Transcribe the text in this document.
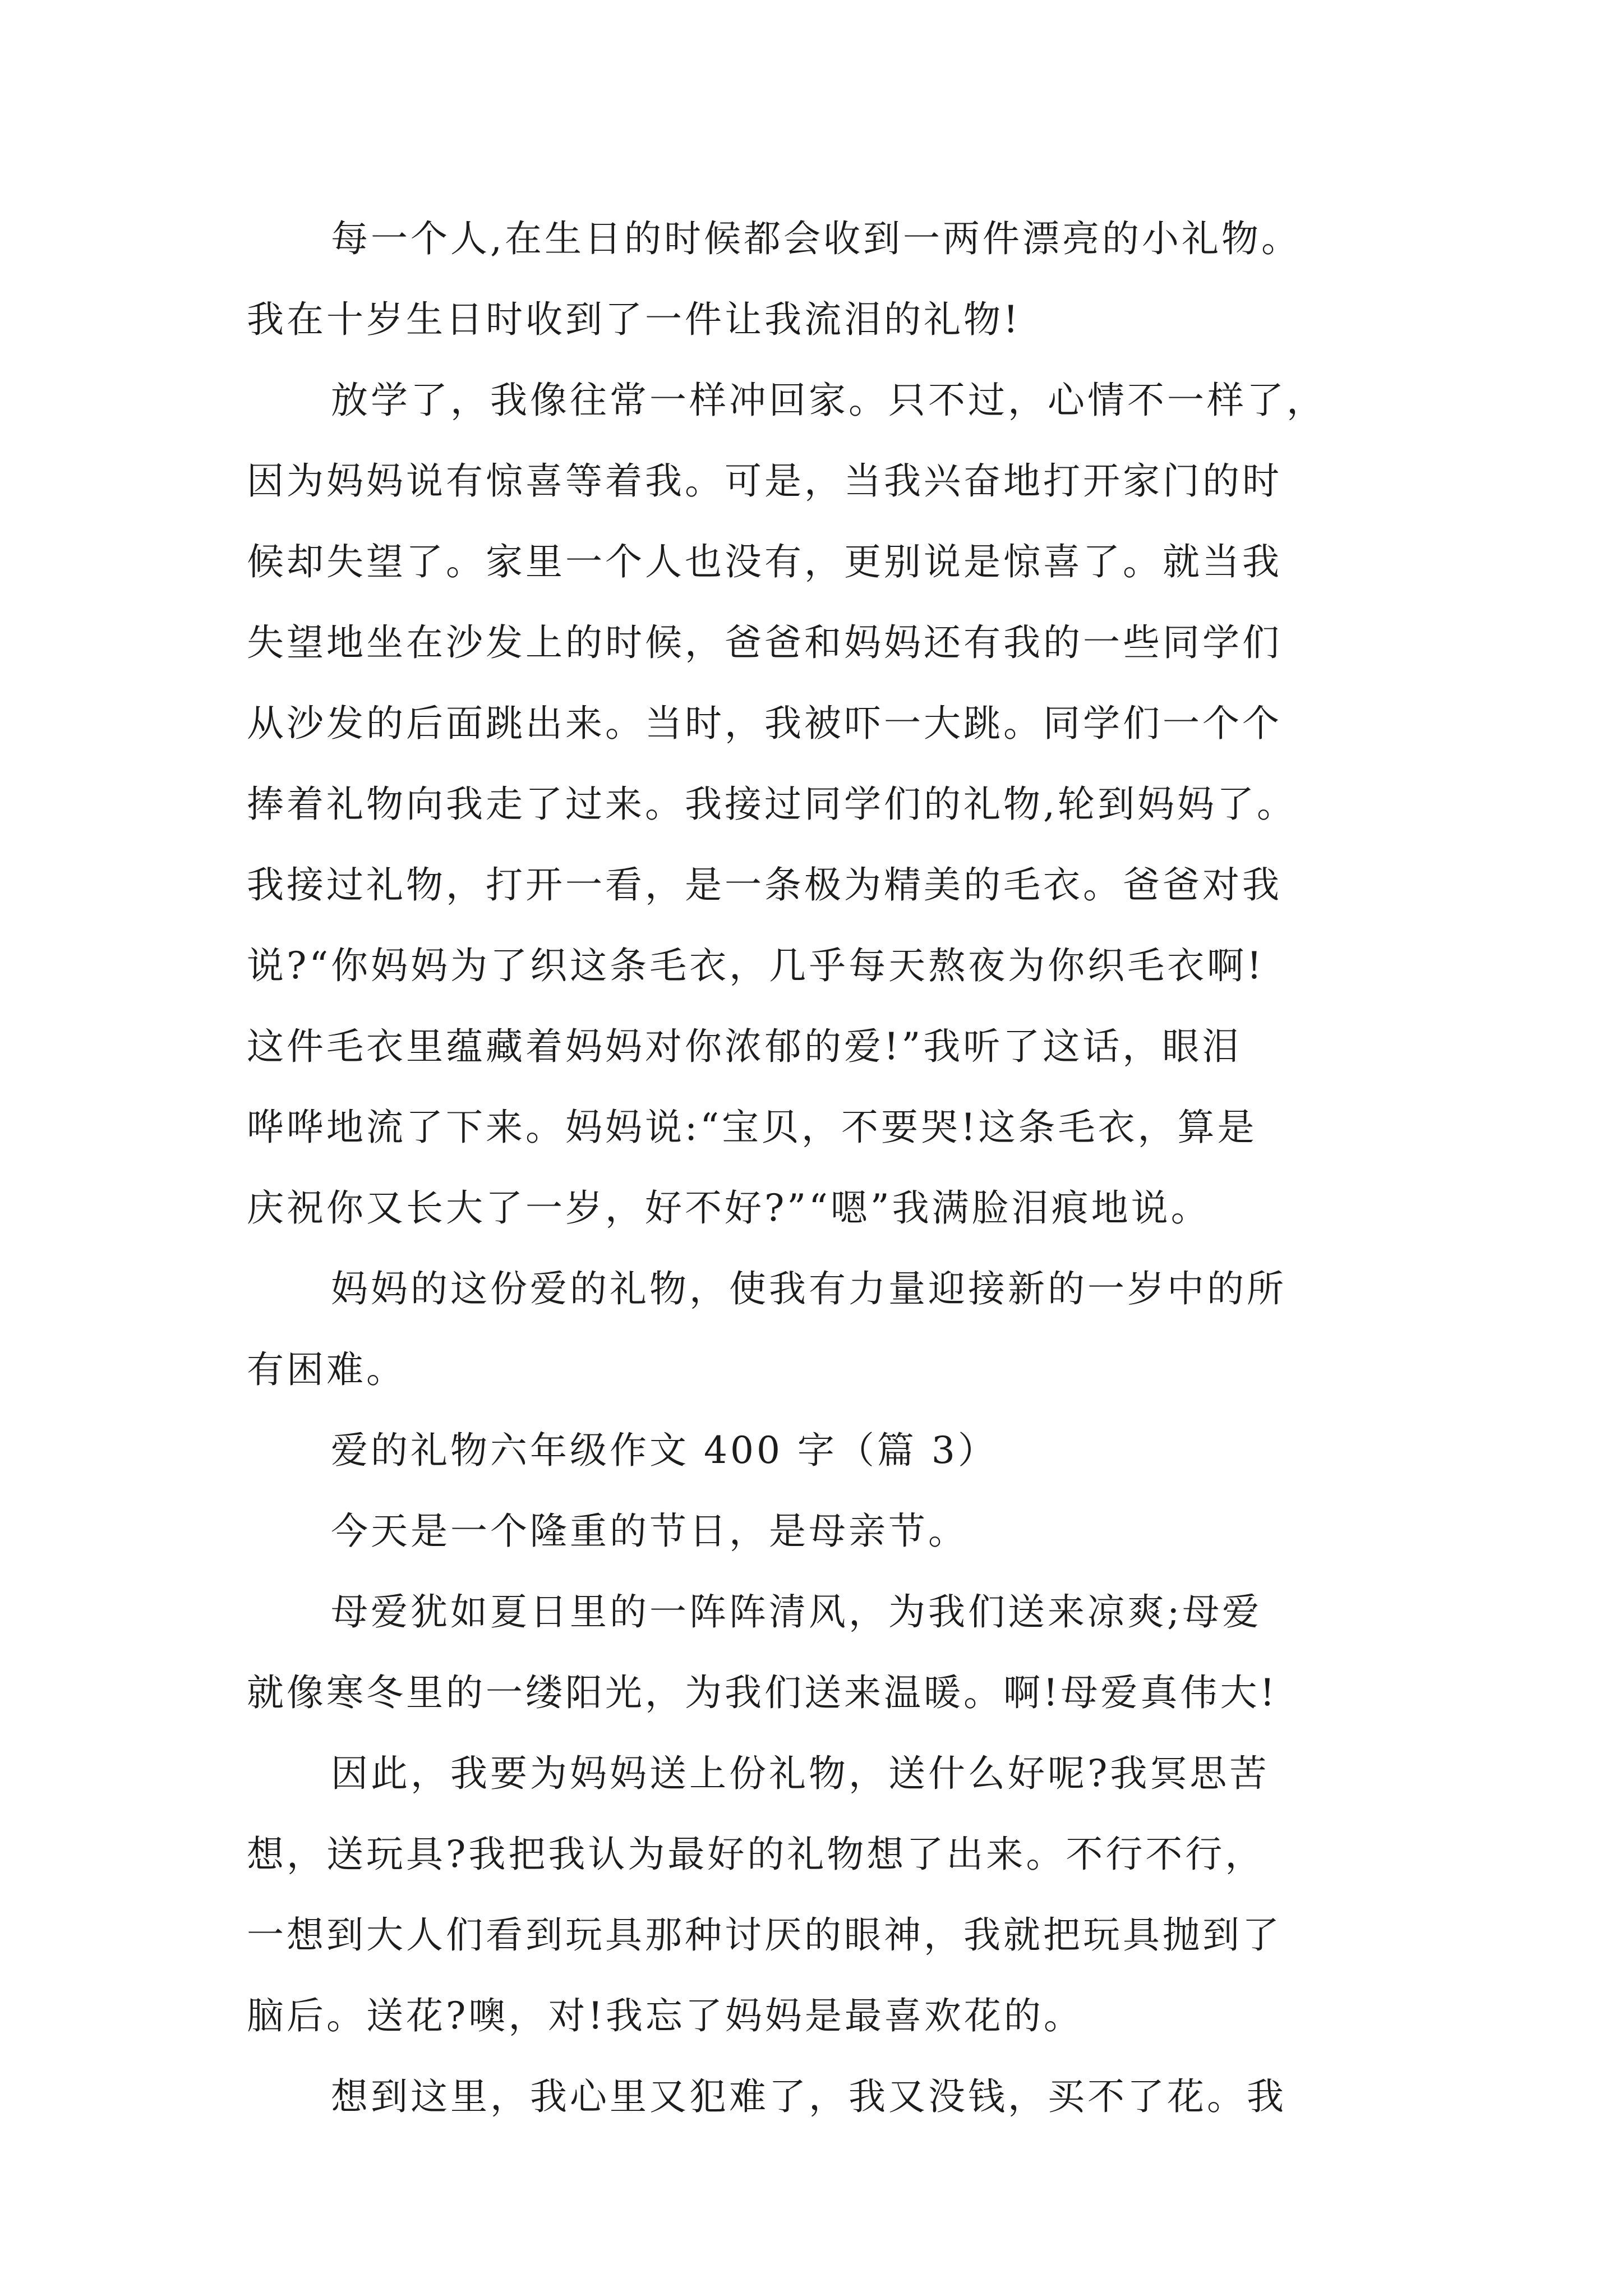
每一个人,在生日的时候都会收到一两件漂亮的小礼物。
我在十岁生日时收到了一件让我流泪的礼物!
放学了，我像往常一样冲回家。只不过，心情不一样了，
因为妈妈说有惊喜等着我。可是，当我兴奋地打开家门的时
候却失望了。家里一个人也没有，更别说是惊喜了。就当我
失望地坐在沙发上的时候，爸爸和妈妈还有我的一些同学们
从沙发的后面跳出来。当时，我被吓一大跳。同学们一个个
捧着礼物向我走了过来。我接过同学们的礼物,轮到妈妈了。
我接过礼物，打开一看，是一条极为精美的毛衣。爸爸对我
说?“你妈妈为了织这条毛衣，几乎每天熬夜为你织毛衣啊!
这件毛衣里蕴藏着妈妈对你浓郁的爱!”我听了这话，眼泪
哗哗地流了下来。妈妈说:“宝贝，不要哭!这条毛衣，算是
庆祝你又长大了一岁，好不好?”“嗯”我满脸泪痕地说。
妈妈的这份爱的礼物，使我有力量迎接新的一岁中的所
有困难。
爱的礼物六年级作文 400 字（篇 3）
今天是一个隆重的节日，是母亲节。
母爱犹如夏日里的一阵阵清风，为我们送来凉爽;母爱
就像寒冬里的一缕阳光，为我们送来温暖。啊!母爱真伟大!
因此，我要为妈妈送上份礼物，送什么好呢?我冥思苦
想，送玩具?我把我认为最好的礼物想了出来。不行不行，
一想到大人们看到玩具那种讨厌的眼神，我就把玩具抛到了
脑后。送花?噢，对!我忘了妈妈是最喜欢花的。
想到这里，我心里又犯难了，我又没钱，买不了花。我
